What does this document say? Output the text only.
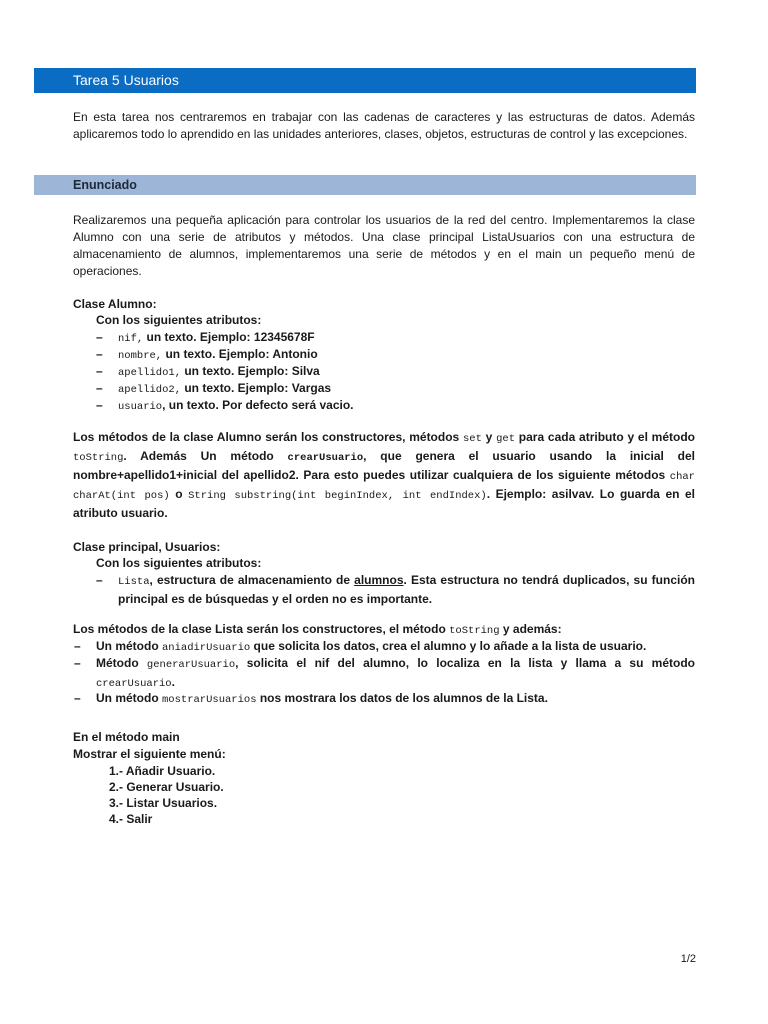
Tarea 5 Usuarios

En esta tarea nos centraremos en trabajar con las cadenas de caracteres y las estructuras de datos. Además aplicaremos todo lo aprendido en las unidades anteriores, clases, objetos, estructuras de control y las excepciones.

Enunciado

Realizaremos una pequeña aplicación para controlar los usuarios de la red del centro. Implementaremos la clase Alumno con una serie de atributos y métodos. Una clase principal ListaUsuarios con una estructura de almacenamiento de alumnos, implementaremos una serie de métodos y en el main un pequeño menú de operaciones.

Clase Alumno:
Con los siguientes atributos:
– nif, un texto. Ejemplo: 12345678F
– nombre, un texto. Ejemplo: Antonio
– apellido1, un texto. Ejemplo: Silva
– apellido2, un texto. Ejemplo: Vargas
– usuario, un texto. Por defecto será vacio.

Los métodos de la clase Alumno serán los constructores, métodos set y get para cada atributo y el método toString. Además Un método crearUsuario, que genera el usuario usando la inicial del nombre+apellido1+inicial del apellido2. Para esto puedes utilizar cualquiera de los siguiente métodos char charAt(int pos) o String substring(int beginIndex, int endIndex). Ejemplo: asilvav. Lo guarda en el atributo usuario.

Clase principal, Usuarios:
Con los siguientes atributos:

– Lista, estructura de almacenamiento de alumnos. Esta estructura no tendrá duplicados, su función principal es de búsquedas y el orden no es importante.

Los métodos de la clase Lista serán los constructores, el método toString y además:

– Un método aniadirUsuario que solicita los datos, crea el alumno y lo añade a la lista de usuario.

– Método generarUsuario, solicita el nif del alumno, lo localiza en la lista y llama a su método crearUsuario.

– Un método mostrarUsuarios nos mostrara los datos de los alumnos de la Lista.

En el método main
Mostrar el siguiente menú:
1.- Añadir Usuario.
2.- Generar Usuario.
3.- Listar Usuarios.
4.- Salir
1/2
